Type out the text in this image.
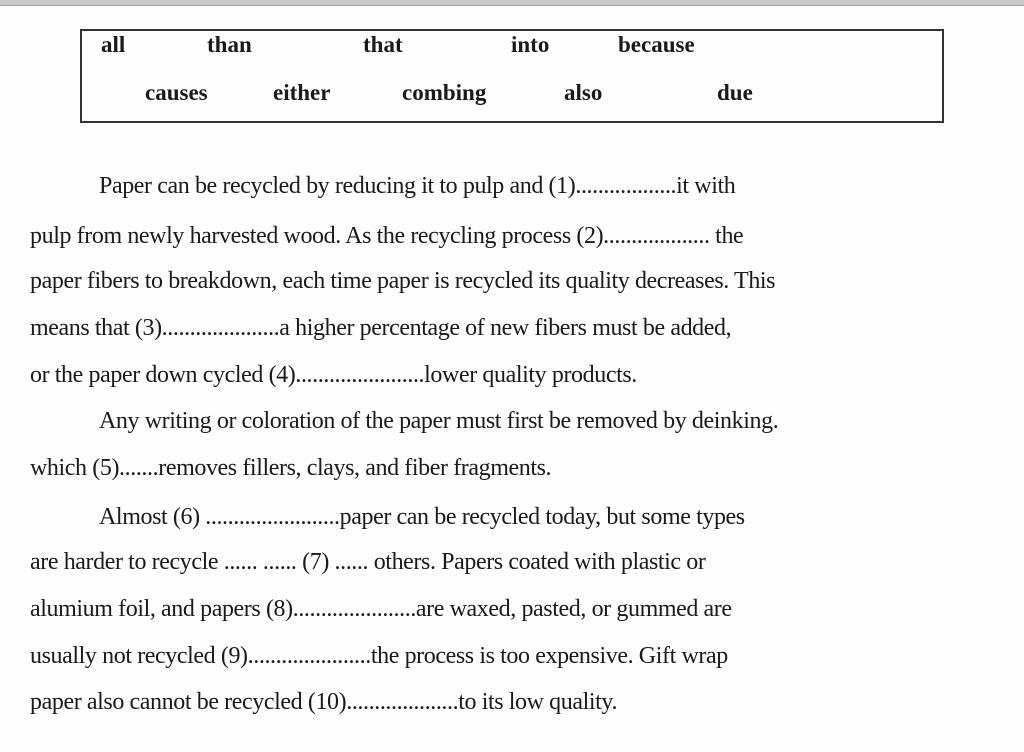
all	than	that	into	because
causes	either	combing	also	due
Paper can be recycled by reducing it to pulp and (1)..................it with
pulp from newly harvested wood. As the recycling process (2)................... the
paper fibers to breakdown, each time paper is recycled its quality decreases. This
means that (3).....................a higher percentage of new fibers must be added,
or the paper down cycled (4).......................lower quality products.
Any writing or coloration of the paper must first be removed by deinking.
which (5).......removes fillers, clays, and fiber fragments.
Almost (6) ........................paper can be recycled today, but some types
are harder to recycle ...... ...... (7) ...... others. Papers coated with plastic or
alumium foil, and papers (8)......................are waxed, pasted, or gummed are
usually not recycled (9)......................the process is too expensive. Gift wrap
paper also cannot be recycled (10)....................to its low quality.
